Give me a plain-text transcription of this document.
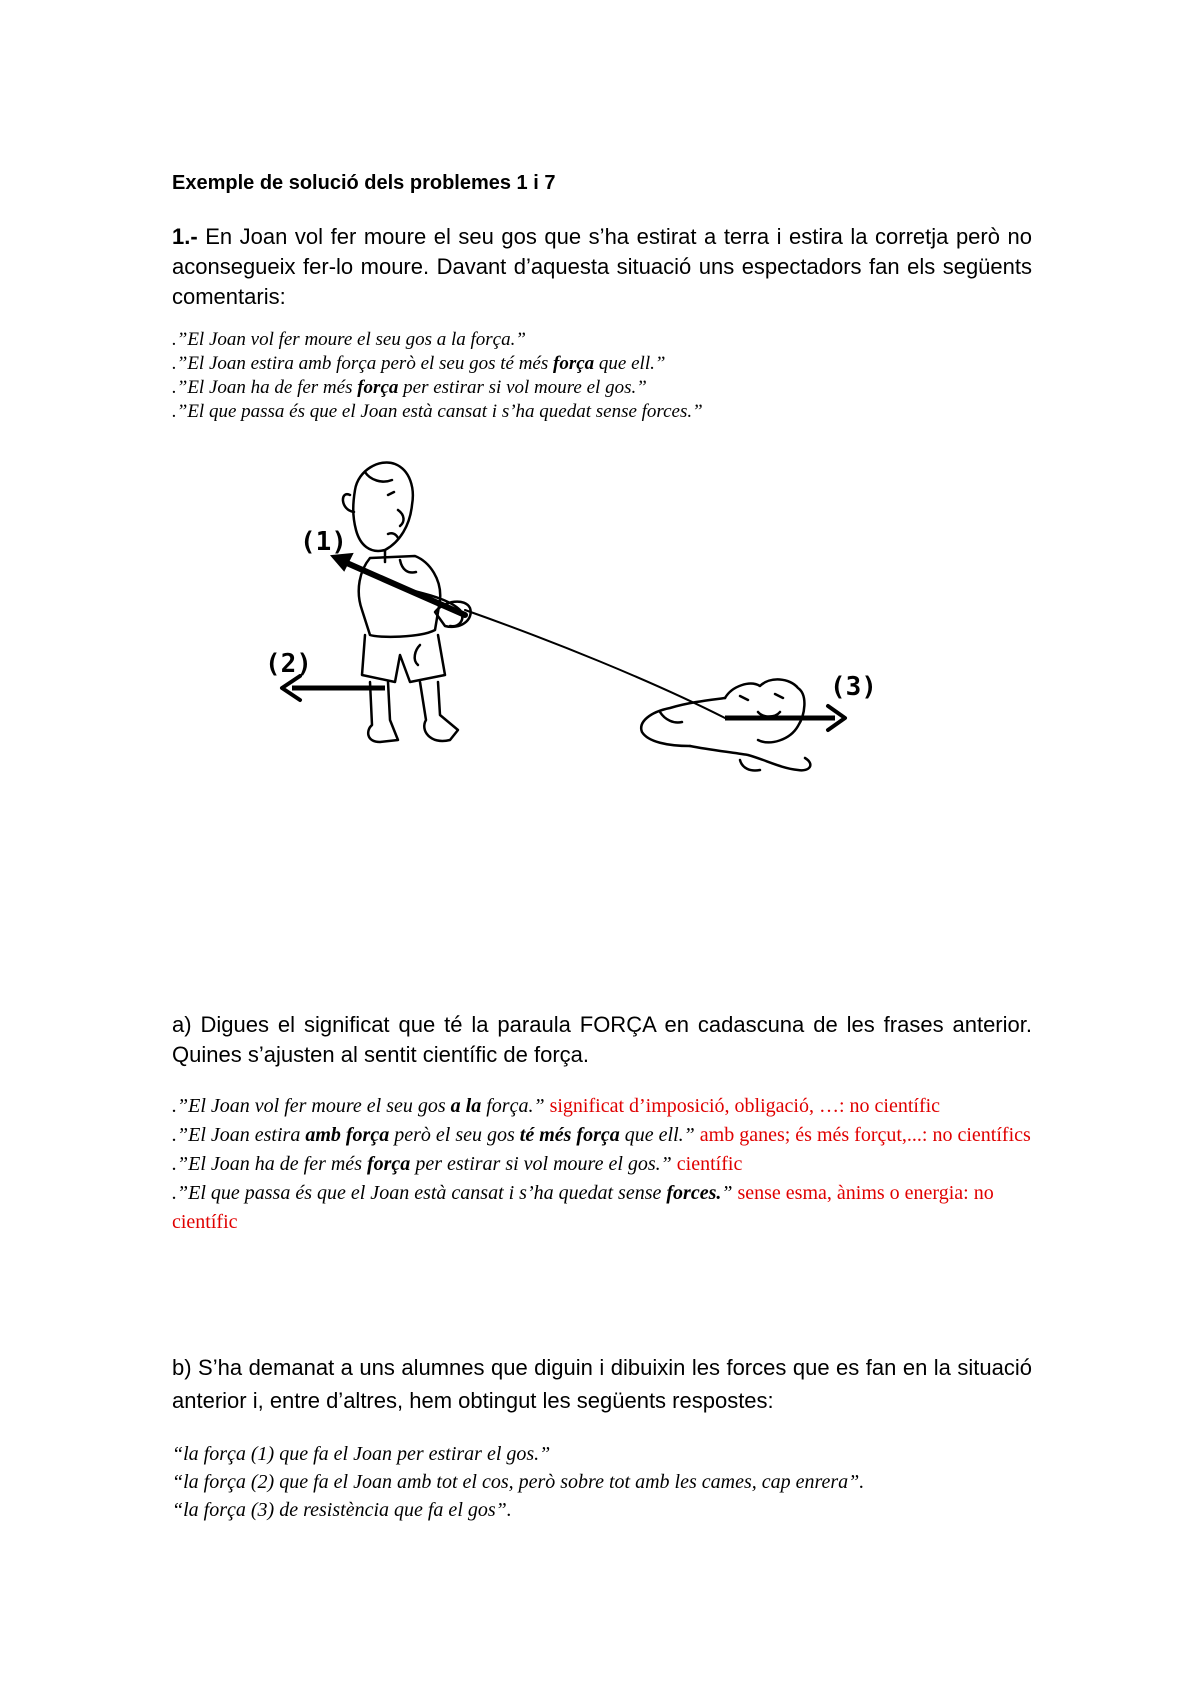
Exemple de solució dels problemes 1 i 7
1.- En Joan vol fer moure el seu gos que s’ha estirat a terra i estira la corretja però no aconsegueix fer-lo moure. Davant d’aquesta situació uns espectadors fan els següents comentaris:
.”El Joan vol fer moure el seu gos a la força.”
.”El Joan estira amb força però el seu gos té més força que ell.”
.”El Joan ha de fer més força per estirar si vol moure el gos.”
.”El que passa és que el Joan està cansat i s’ha quedat sense forces.”
(1)
(2)
(3)
a) Digues el significat que té la paraula FORÇA en cadascuna de les frases anterior. Quines s’ajusten al sentit científic de força.
.”El Joan vol fer moure el seu gos a la força.” significat d’imposició, obligació, …: no científic
.”El Joan estira amb força però el seu gos té més força que ell.” amb ganes; és més forçut,...: no científics
.”El Joan ha de fer més força per estirar si vol moure el gos.” científic
.”El que passa és que el Joan està cansat i s’ha quedat sense forces.” sense esma, ànims o energia: no científic
b) S’ha demanat a uns alumnes que diguin i dibuixin les forces que es fan en la situació anterior i, entre d’altres, hem obtingut les següents respostes:
“la força (1) que fa el Joan per estirar el gos.”
“la força (2) que fa el Joan amb tot el cos, però sobre tot amb les cames, cap enrera”.
“la força (3) de resistència que fa el gos”.
